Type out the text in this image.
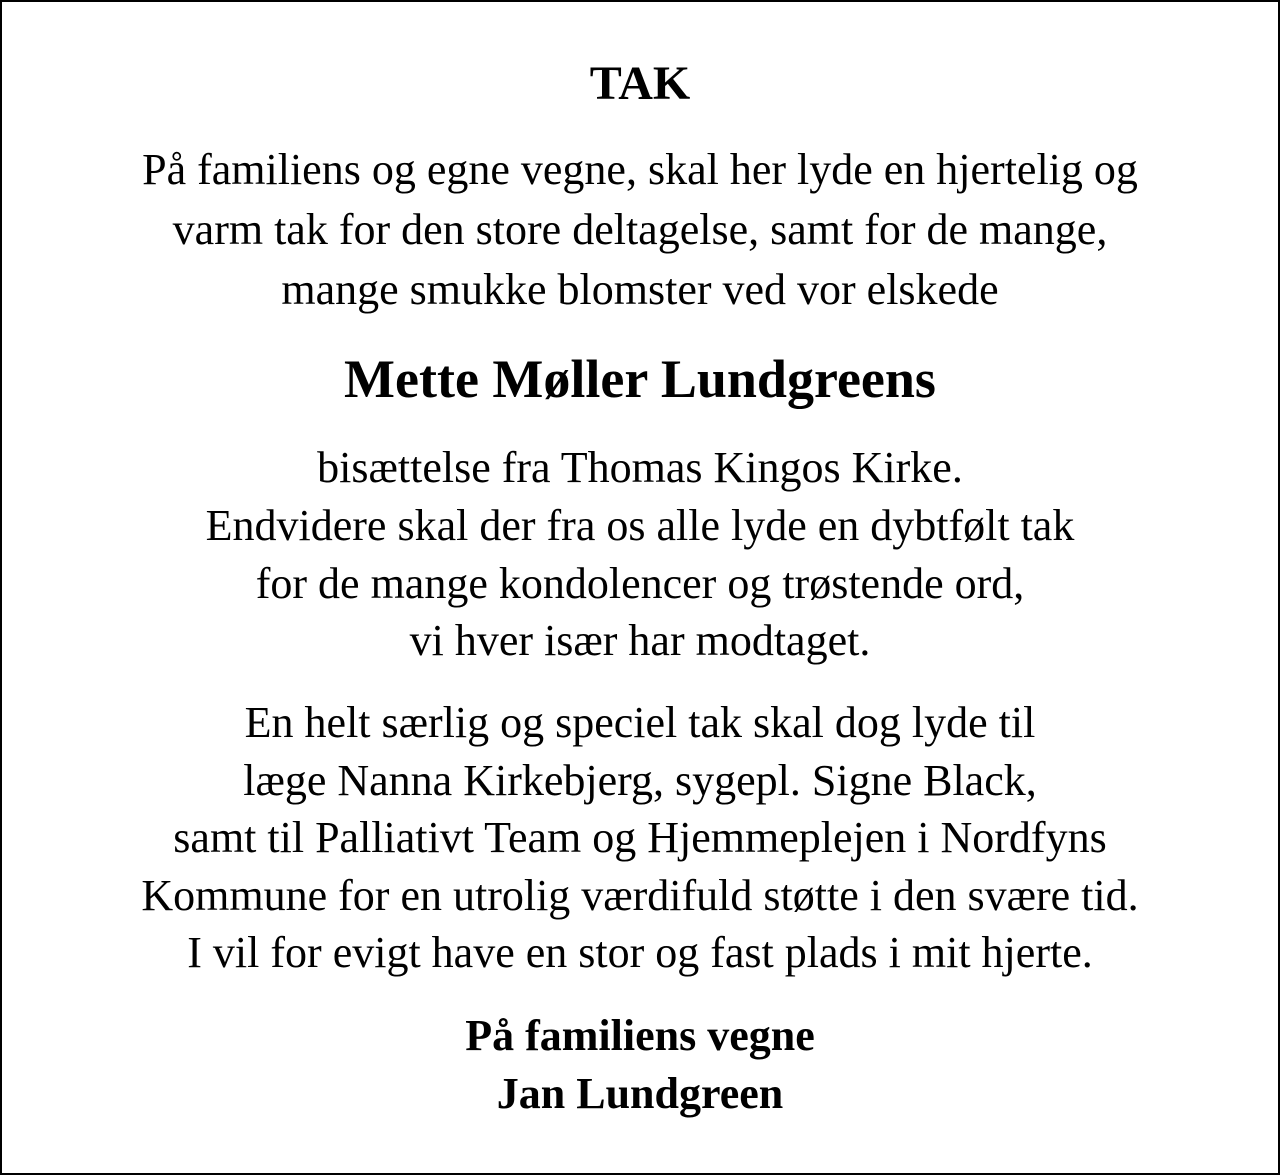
TAK
På familiens og egne vegne, skal her lyde en hjertelig og
varm tak for den store deltagelse, samt for de mange,
mange smukke blomster ved vor elskede
Mette Møller Lundgreens
bisættelse fra Thomas Kingos Kirke.
Endvidere skal der fra os alle lyde en dybtfølt tak
for de mange kondolencer og trøstende ord,
vi hver især har modtaget.
En helt særlig og speciel tak skal dog lyde til
læge Nanna Kirkebjerg, sygepl. Signe Black,
samt til Palliativt Team og Hjemmeplejen i Nordfyns
Kommune for en utrolig værdifuld støtte i den svære tid.
I vil for evigt have en stor og fast plads i mit hjerte.
På familiens vegne
Jan Lundgreen
